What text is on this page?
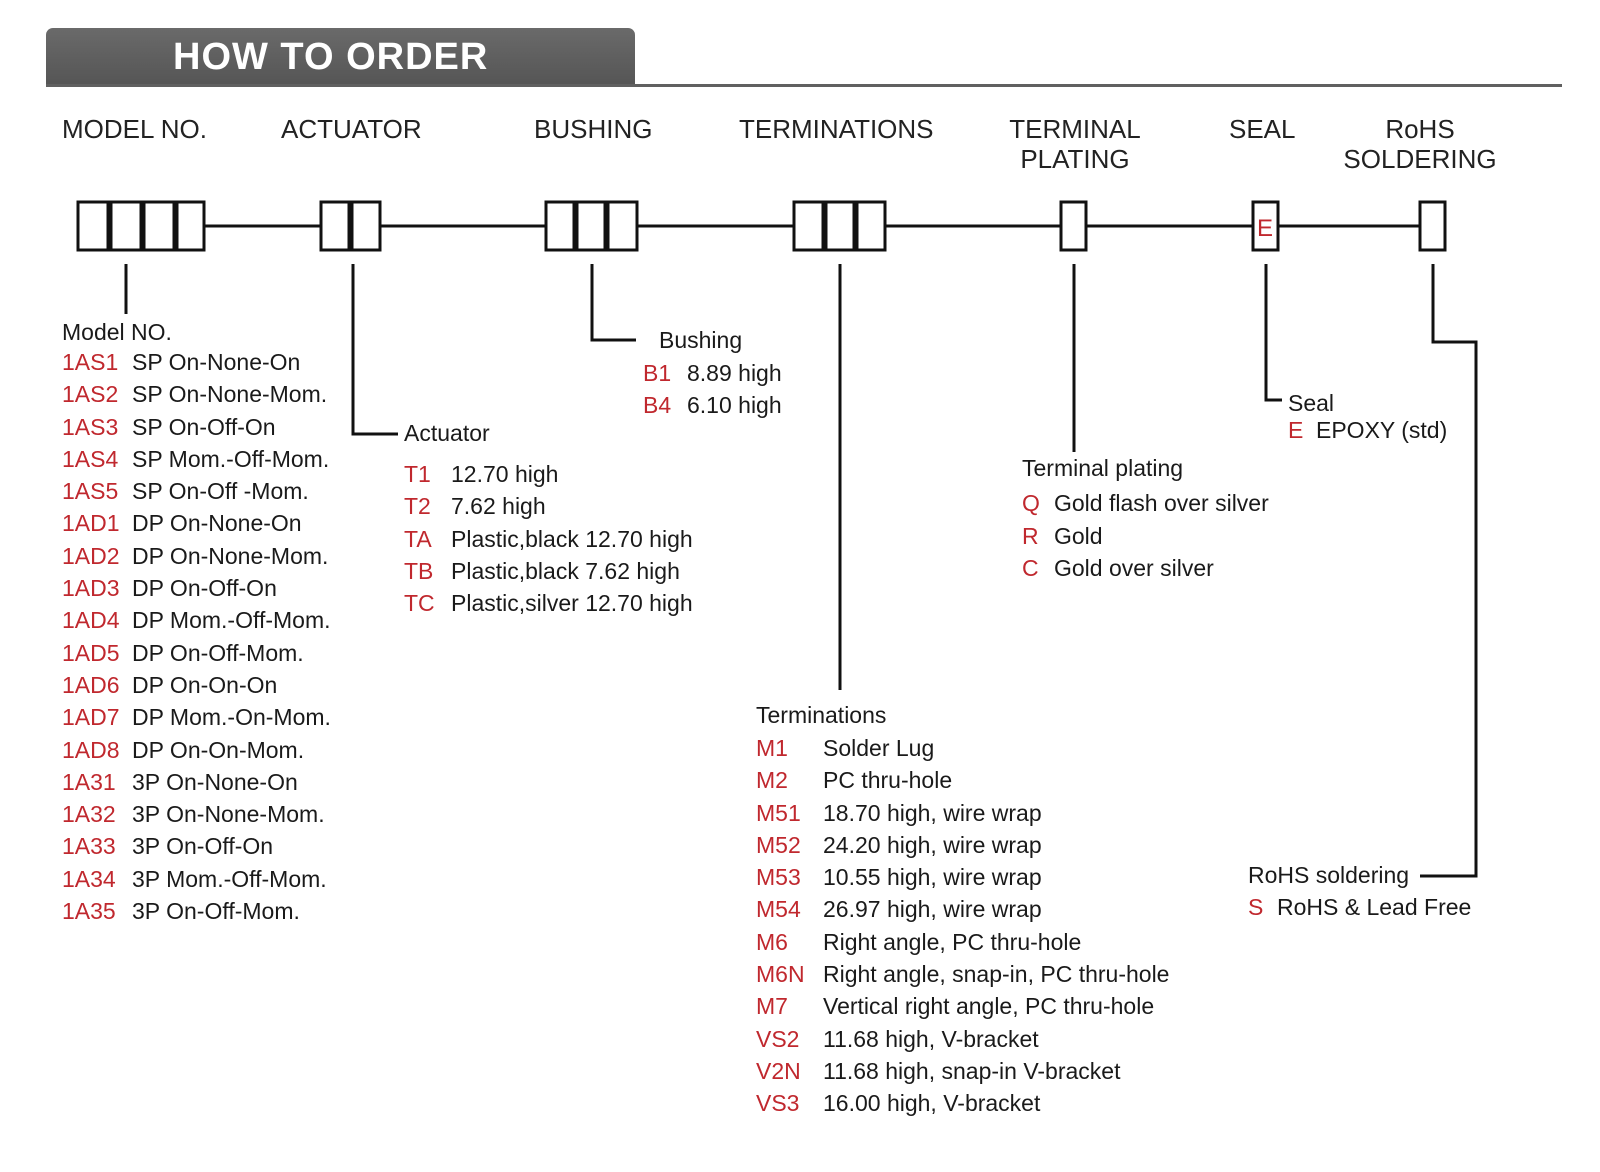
HOW TO ORDER
MODEL NO.	ACTUATOR	BUSHING	TERMINATIONS	TERMINAL
PLATING
SEAL	RoHS
SOLDERING
E
Model NO.
1AS1 SP On-None-On
1AS2 SP On-None-Mom.
1AS3 SP On-Off-On
1AS4 SP Mom.-Off-Mom.
1AS5 SP On-Off -Mom.
1AD1 DP On-None-On
1AD2 DP On-None-Mom.
1AD3 DP On-Off-On
1AD4 DP Mom.-Off-Mom.
1AD5 DP On-Off-Mom.
1AD6 DP On-On-On
1AD7 DP Mom.-On-Mom.
1AD8 DP On-On-Mom.
1A31 3P On-None-On
1A32 3P On-None-Mom.
1A33 3P On-Off-On
1A34 3P Mom.-Off-Mom.
1A35 3P On-Off-Mom.
Actuator
T1 12.70 high
T2 7.62 high
TA Plastic,black 12.70 high
TB Plastic,black 7.62 high
TC Plastic,silver 12.70 high
Bushing
B1 8.89 high
B4 6.10 high
Terminations
M1 Solder Lug
M2 PC thru-hole
M51 18.70 high, wire wrap
M52 24.20 high, wire wrap
M53 10.55 high, wire wrap
M54 26.97 high, wire wrap
M6 Right angle, PC thru-hole
M6N Right angle, snap-in, PC thru-hole
M7 Vertical right angle, PC thru-hole
VS2 11.68 high, V-bracket
V2N 11.68 high, snap-in V-bracket
VS3 16.00 high, V-bracket
Terminal plating
Q Gold flash over silver
R Gold
C Gold over silver
Seal
E EPOXY (std)
RoHS soldering
S RoHS & Lead Free
